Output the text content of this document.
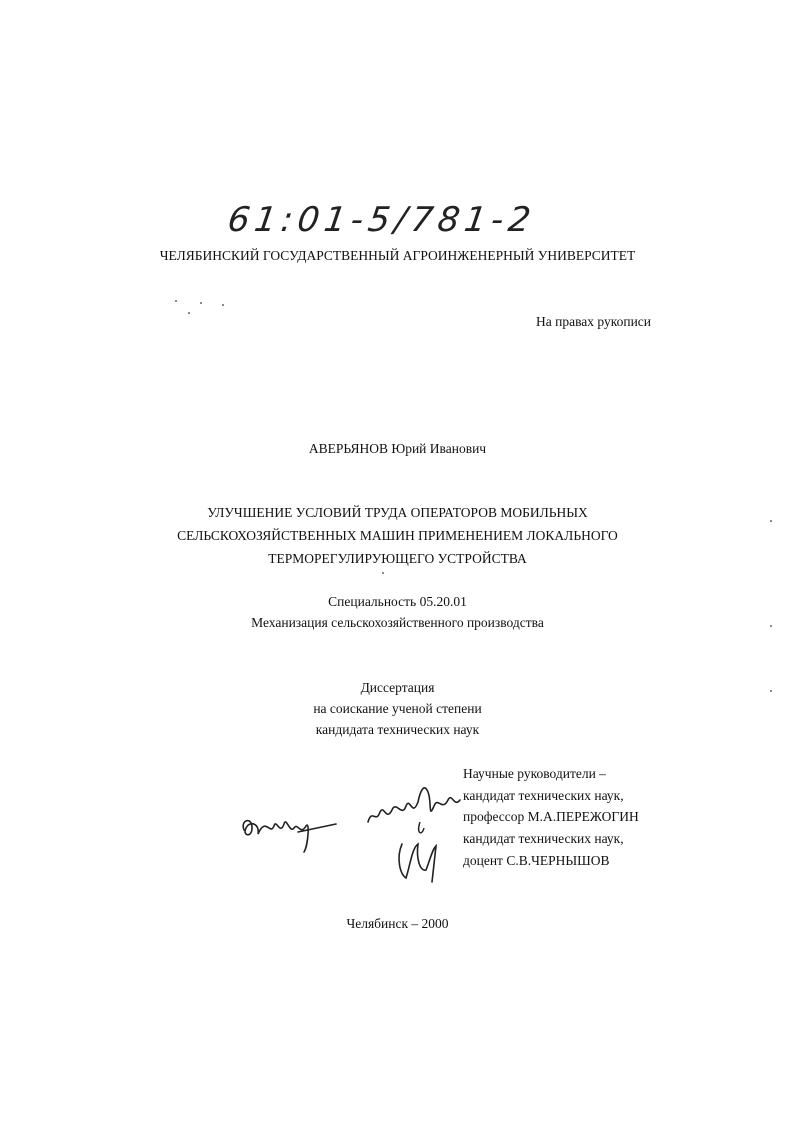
61:01-5/781-2
ЧЕЛЯБИНСКИЙ ГОСУДАРСТВЕННЫЙ АГРОИНЖЕНЕРНЫЙ УНИВЕРСИТЕТ
На правах рукописи
АВЕРЬЯНОВ Юрий Иванович
УЛУЧШЕНИЕ УСЛОВИЙ ТРУДА ОПЕРАТОРОВ МОБИЛЬНЫХ
СЕЛЬСКОХОЗЯЙСТВЕННЫХ МАШИН ПРИМЕНЕНИЕМ ЛОКАЛЬНОГО
ТЕРМОРЕГУЛИРУЮЩЕГО УСТРОЙСТВА
Специальность 05.20.01
Механизация сельскохозяйственного производства
Диссертация
на соискание ученой степени
кандидата технических наук
Научные руководители –
кандидат технических наук,
профессор М.А.ПЕРЕЖОГИН
кандидат технических наук,
доцент С.В.ЧЕРНЫШОВ
Челябинск – 2000
